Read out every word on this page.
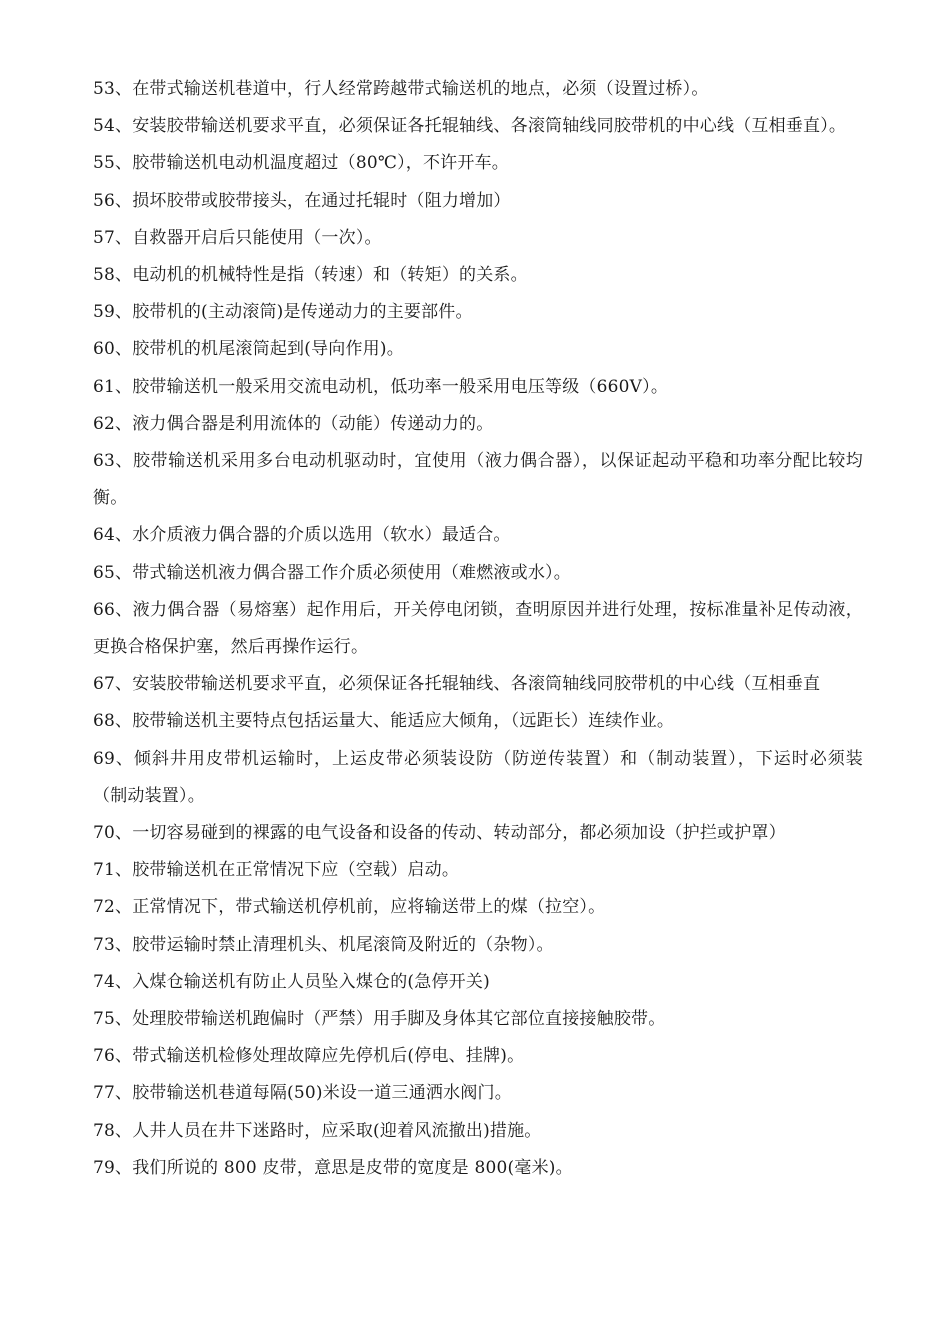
53、在带式输送机巷道中，行人经常跨越带式输送机的地点，必须（设置过桥）。

54、安装胶带输送机要求平直，必须保证各托辊轴线、各滚筒轴线同胶带机的中心线（互相垂直）。

55、胶带输送机电动机温度超过（80℃），不许开车。

56、损坏胶带或胶带接头，在通过托辊时（阻力增加）

57、自救器开启后只能使用（一次）。

58、电动机的机械特性是指（转速）和（转矩）的关系。

59、胶带机的(主动滚筒)是传递动力的主要部件。

60、胶带机的机尾滚筒起到(导向作用)。

61、胶带输送机一般采用交流电动机，低功率一般采用电压等级（660V）。

62、液力偶合器是利用流体的（动能）传递动力的。

63、胶带输送机采用多台电动机驱动时，宜使用（液力偶合器），以保证起动平稳和功率分配比较均衡。

64、水介质液力偶合器的介质以选用（软水）最适合。

65、带式输送机液力偶合器工作介质必须使用（难燃液或水）。

66、液力偶合器（易熔塞）起作用后，开关停电闭锁，查明原因并进行处理，按标准量补足传动液，更换合格保护塞，然后再操作运行。

67、安装胶带输送机要求平直，必须保证各托辊轴线、各滚筒轴线同胶带机的中心线（互相垂直

68、胶带输送机主要特点包括运量大、能适应大倾角，（远距长）连续作业。

69、倾斜井用皮带机运输时，上运皮带必须装设防（防逆传装置）和（制动装置），下运时必须装（制动装置）。

70、一切容易碰到的裸露的电气设备和设备的传动、转动部分，都必须加设（护拦或护罩）

71、胶带输送机在正常情况下应（空载）启动。

72、正常情况下，带式输送机停机前，应将输送带上的煤（拉空）。

73、胶带运输时禁止清理机头、机尾滚筒及附近的（杂物）。

74、入煤仓输送机有防止人员坠入煤仓的(急停开关)

75、处理胶带输送机跑偏时（严禁）用手脚及身体其它部位直接接触胶带。

76、带式输送机检修处理故障应先停机后(停电、挂牌)。

77、胶带输送机巷道每隔(50)米设一道三通洒水阀门。

78、人井人员在井下迷路时，应采取(迎着风流撤出)措施。

79、我们所说的 800 皮带，意思是皮带的宽度是 800(毫米)。
